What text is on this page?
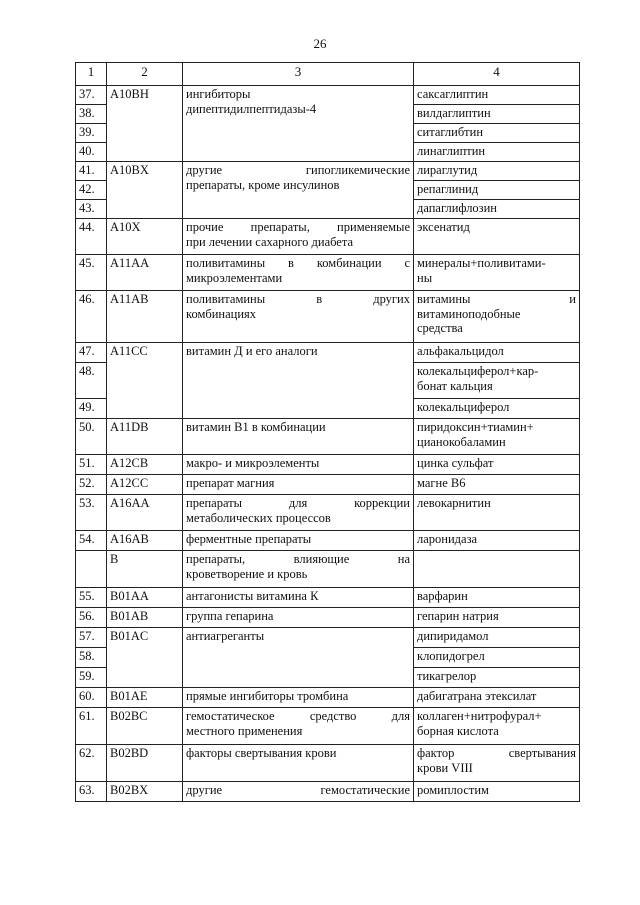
26
1	2	3	4
37.	A10BH	ингибиторы
дипептидилпептидазы-4	саксаглиптин

38.			вилдаглиптин

39.			ситаглибтин

40.			линаглиптин

41.	A10BX	другие гипогликемические
препараты, кроме инсулинов	лираглутид

42.			репаглинид

43.			дапаглифлозин

44.	A10X	прочие препараты, применяемые
при лечении сахарного диабета	эксенатид

45.	A11AA	поливитамины в комбинации с
микроэлементами	минералы+поливитами-
ны

46.	A11AB	поливитамины в других
комбинациях	витамины и
витаминоподобные
средства

47.	A11CC	витамин Д и его аналоги	альфакальцидол

48.			колекальциферол+кар-
бонат кальция

49.			колекальциферол

50.	A11DB	витамин В1 в комбинации	пиридоксин+тиамин+
цианокобаламин

51.	A12CB	макро- и микроэлементы	цинка сульфат

52.	A12CC	препарат магния	магне В6

53.	A16AA	препараты для коррекции
метаболических процессов	левокарнитин

54.	A16AB	ферментные препараты	ларонидаза

	B	препараты, влияющие на
кроветворение и кровь	

55.	B01AA	антагонисты витамина К	варфарин

56.	B01AB	группа гепарина	гепарин натрия

57.	B01AC	антиагреганты	дипиридамол

58.			клопидогрел

59.			тикагрелор

60.	B01AE	прямые ингибиторы тромбина	дабигатрана этексилат

61.	B02BC	гемостатическое средство для
местного применения	коллаген+нитрофурал+
борная кислота

62.	B02BD	факторы свертывания крови	фактор свертывания
крови VIII

63.	B02BX	другие гемостатические	ромиплостим
